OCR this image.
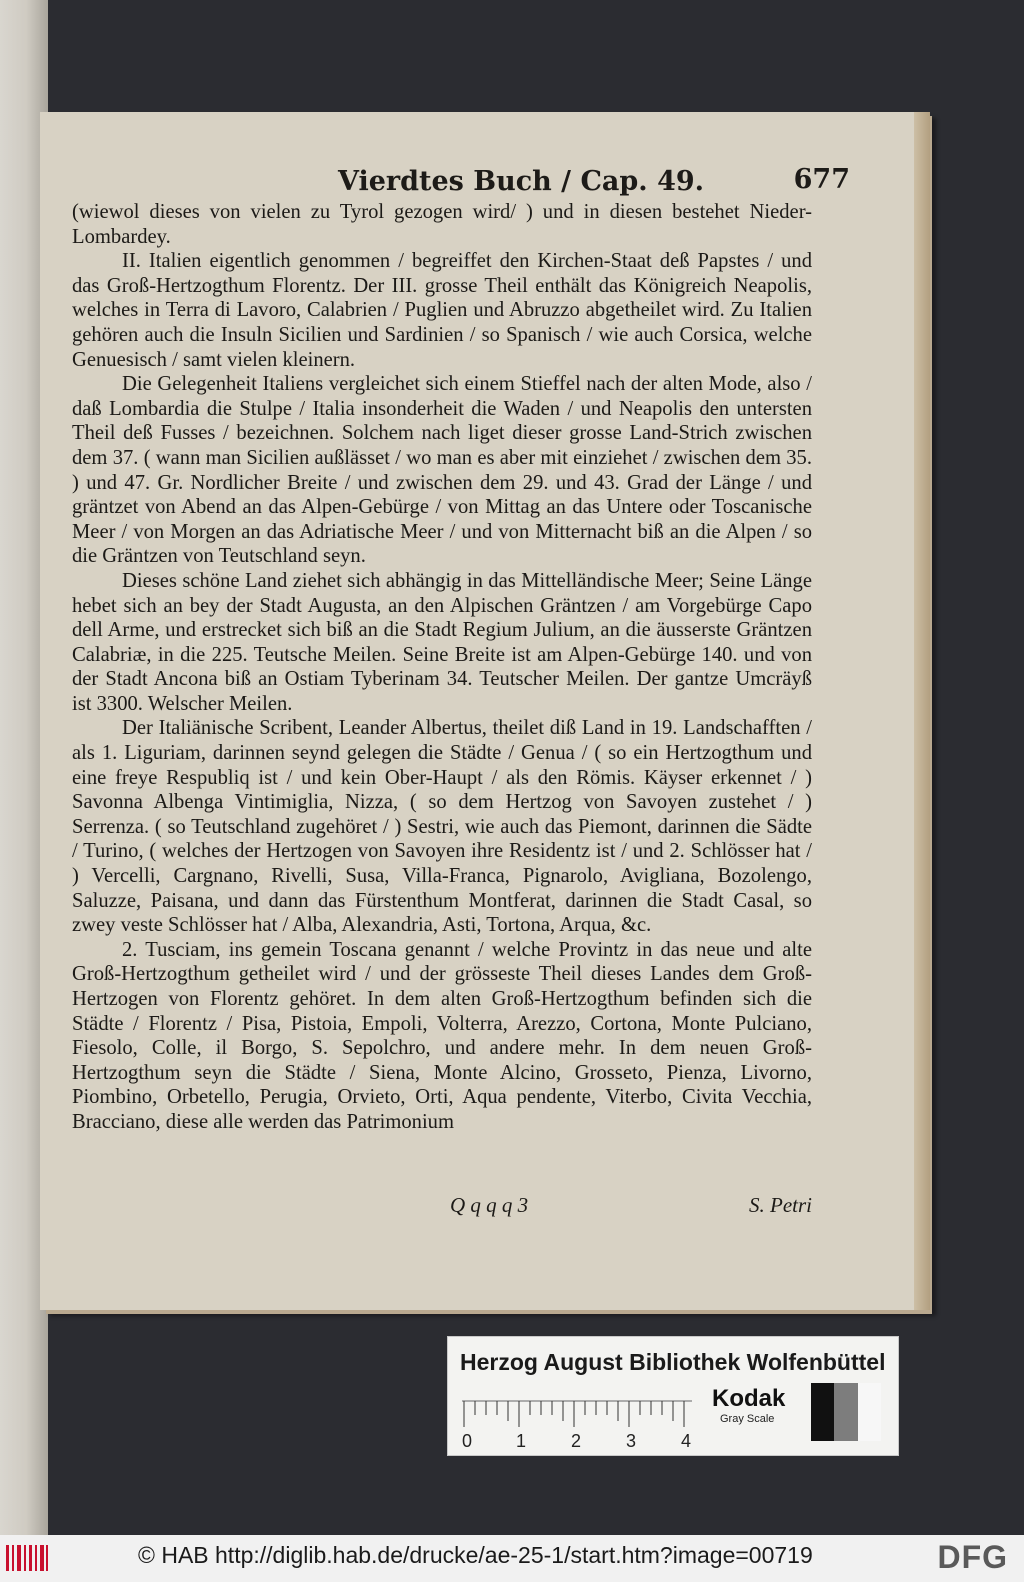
Vierdtes Buch / Cap. 49.	677

(wiewol dieses von vielen zu Tyrol gezogen wird/ ) und in diesen bestehet Nieder-Lombardey.

II. Italien eigentlich genommen / begreiffet den Kirchen-Staat deß Papstes / und das Groß-Hertzogthum Florentz. Der III. grosse Theil enthält das Königreich Neapolis, welches in Terra di Lavoro, Calabrien / Puglien und Abruzzo abgetheilet wird. Zu Italien gehören auch die Insuln Sicilien und Sardinien / so Spanisch / wie auch Corsica, welche Genuesisch / samt vielen kleinern.

Die Gelegenheit Italiens vergleichet sich einem Stieffel nach der alten Mode, also / daß Lombardia die Stulpe / Italia insonderheit die Waden / und Neapolis den untersten Theil deß Fusses / bezeichnen. Solchem nach liget dieser grosse Land-Strich zwischen dem 37. ( wann man Sicilien außlässet / wo man es aber mit einziehet / zwischen dem 35. ) und 47. Gr. Nordlicher Breite / und zwischen dem 29. und 43. Grad der Länge / und gräntzet von Abend an das Alpen-Gebürge / von Mittag an das Untere oder Toscanische Meer / von Morgen an das Adriatische Meer / und von Mitternacht biß an die Alpen / so die Gräntzen von Teutschland seyn.

Dieses schöne Land ziehet sich abhängig in das Mittelländische Meer; Seine Länge hebet sich an bey der Stadt Augusta, an den Alpischen Gräntzen / am Vorgebürge Capo dell Arme, und erstrecket sich biß an die Stadt Regium Julium, an die äusserste Gräntzen Calabriæ, in die 225. Teutsche Meilen. Seine Breite ist am Alpen-Gebürge 140. und von der Stadt Ancona biß an Ostiam Tyberinam 34. Teutscher Meilen. Der gantze Umcräyß ist 3300. Welscher Meilen.

Der Italiänische Scribent, Leander Albertus, theilet diß Land in 19. Landschafften / als 1. Liguriam, darinnen seynd gelegen die Städte / Genua / ( so ein Hertzogthum und eine freye Respubliq ist / und kein Ober-Haupt / als den Römis. Käyser erkennet / ) Savonna Albenga Vintimiglia, Nizza, ( so dem Hertzog von Savoyen zustehet / ) Serrenza. ( so Teutschland zugehöret / ) Sestri, wie auch das Piemont, darinnen die Sädte / Turino, ( welches der Hertzogen von Savoyen ihre Residentz ist / und 2. Schlösser hat / ) Vercelli, Cargnano, Rivelli, Susa, Villa-Franca, Pignarolo, Avigliana, Bozolengo, Saluzze, Paisana, und dann das Fürstenthum Montferat, darinnen die Stadt Casal, so zwey veste Schlösser hat / Alba, Alexandria, Asti, Tortona, Arqua, &c.

2. Tusciam, ins gemein Toscana genannt / welche Provintz in das neue und alte Groß-Hertzogthum getheilet wird / und der grösseste Theil dieses Landes dem Groß-Hertzogen von Florentz gehöret. In dem alten Groß-Hertzogthum befinden sich die Städte / Florentz / Pisa, Pistoia, Empoli, Volterra, Arezzo, Cortona, Monte Pulciano, Fiesolo, Colle, il Borgo, S. Sepolchro, und andere mehr. In dem neuen Groß-Hertzogthum seyn die Städte / Siena, Monte Alcino, Grosseto, Pienza, Livorno, Piombino, Orbetello, Perugia, Orvieto, Orti, Aqua pendente, Viterbo, Civita Vecchia, Bracciano, diese alle werden das Patrimonium

Q q q q 3	S. Petri
Herzog August Bibliothek Wolfenbüttel
0 1 2 3 4
Kodak
Gray Scale
© HAB http://diglib.hab.de/drucke/ae-25-1/start.htm?image=00719	DFG
